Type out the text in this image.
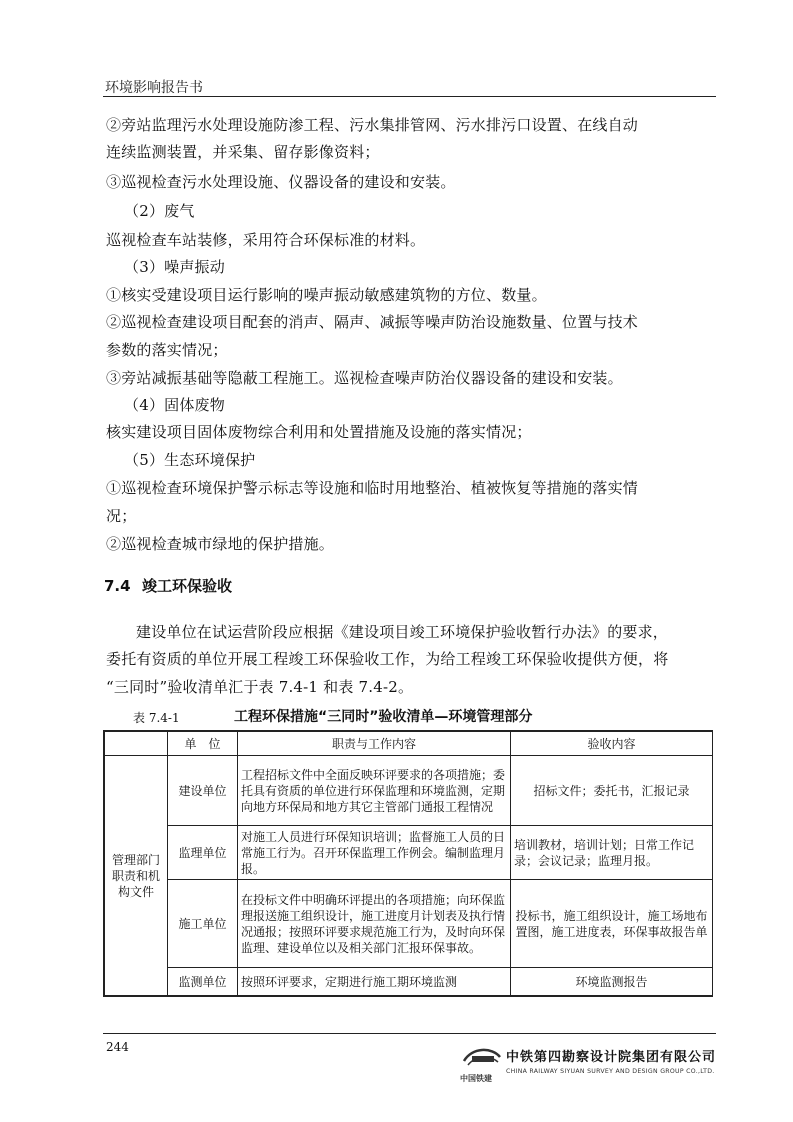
环境影响报告书
②旁站监理污水处理设施防渗工程、污水集排管网、污水排污口设置、在线自动
连续监测装置，并采集、留存影像资料；
③巡视检查污水处理设施、仪器设备的建设和安装。
（2）废气
巡视检查车站装修，采用符合环保标准的材料。
（3）噪声振动
①核实受建设项目运行影响的噪声振动敏感建筑物的方位、数量。
②巡视检查建设项目配套的消声、隔声、减振等噪声防治设施数量、位置与技术
参数的落实情况；
③旁站减振基础等隐蔽工程施工。巡视检查噪声防治仪器设备的建设和安装。
（4）固体废物
核实建设项目固体废物综合利用和处置措施及设施的落实情况；
（5）生态环境保护
①巡视检查环境保护警示标志等设施和临时用地整治、植被恢复等措施的落实情
况；
②巡视检查城市绿地的保护措施。
7.4 竣工环保验收
建设单位在试运营阶段应根据《建设项目竣工环境保护验收暂行办法》的要求，
委托有资质的单位开展工程竣工环保验收工作，为给工程竣工环保验收提供方便，将
“三同时”验收清单汇于表 7.4-1 和表 7.4-2。
表 7.4-1	工程环保措施“三同时”验收清单—环境管理部分
	单　位	职责与工作内容	验收内容
管理部门职责和机构文件	建设单位	工程招标文件中全面反映环评要求的各项措施；委托具有资质的单位进行环保监理和环境监测，定期向地方环保局和地方其它主管部门通报工程情况	招标文件；委托书，汇报记录
	监理单位	对施工人员进行环保知识培训；监督施工人员的日常施工行为。召开环保监理工作例会。编制监理月报。	培训教材，培训计划；日常工作记录；会议记录；监理月报。
	施工单位	在投标文件中明确环评提出的各项措施；向环保监理报送施工组织设计，施工进度月计划表及执行情况通报；按照环评要求规范施工行为，及时向环保监理、建设单位以及相关部门汇报环保事故。	投标书，施工组织设计，施工场地布置图，施工进度表，环保事故报告单
	监测单位	按照环评要求，定期进行施工期环境监测	环境监测报告
244
中国铁建
中铁第四勘察设计院集团有限公司
CHINA RAILWAY SIYUAN SURVEY AND DESIGN GROUP CO.,LTD.
